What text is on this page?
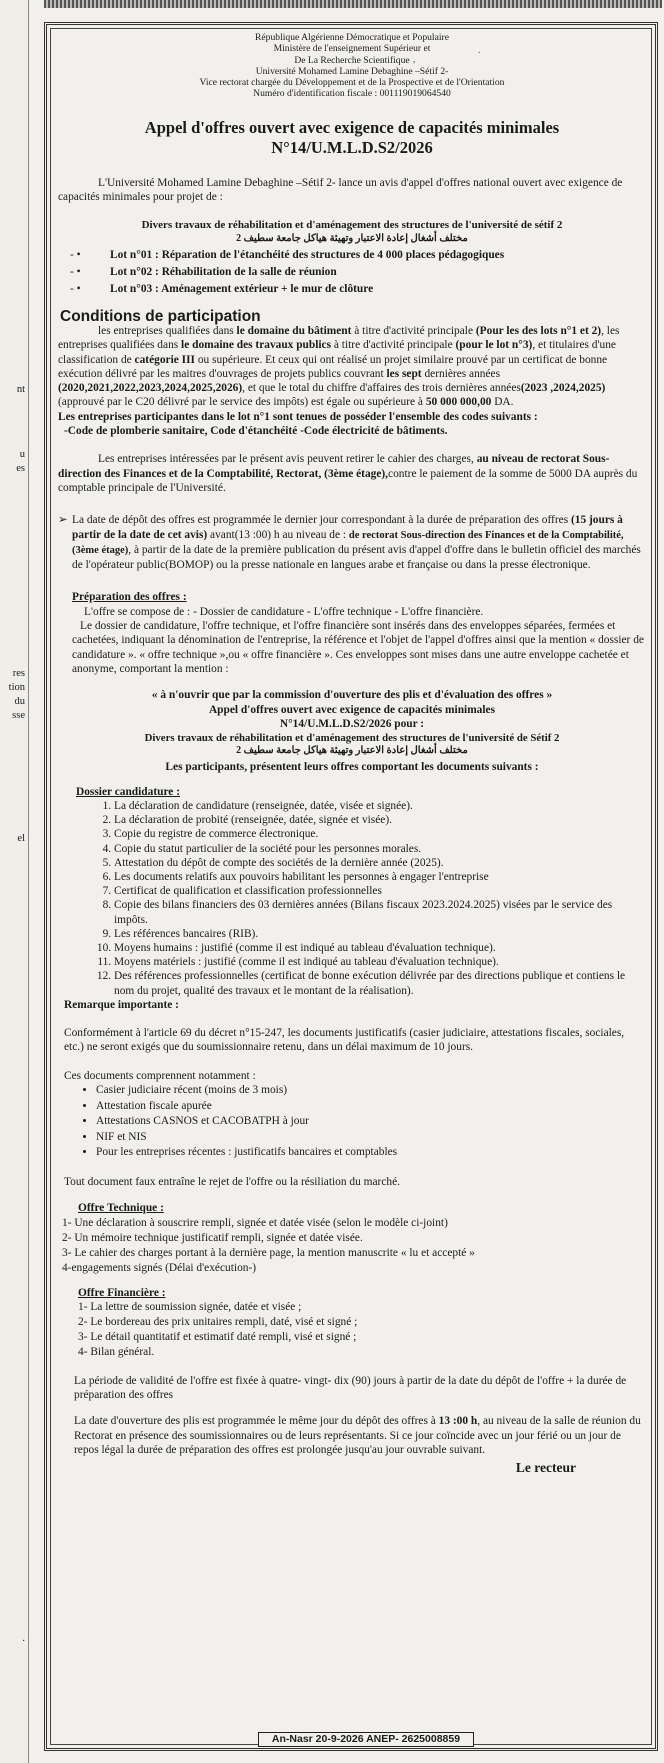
nt
u
es
res
tion
du
sse
el
.
,
.
République Algérienne Démocratique et Populaire
Ministère de l'enseignement Supérieur et
De La Recherche Scientifique
Université Mohamed Lamine Debaghine –Sétif 2-
Vice rectorat chargée du Développement et de la Prospective et de l'Orientation
Numéro d'identification fiscale : 001119019064540
Appel d'offres ouvert avec exigence de capacités minimales
N°14/U.M.L.D.S2/2026

L'Université Mohamed Lamine Debaghine –Sétif 2- lance un avis d'appel d'offres national ouvert avec exigence de capacités minimales pour projet de :

Divers travaux de réhabilitation et d'aménagement des structures de l'université de sétif 2
مختلف أشغال إعادة الاعتبار وتهيئة هياكل جامعة سطيف 2
- • Lot n°01 : Réparation de l'étanchéité des structures de 4 000 places pédagogiques
- • Lot n°02 : Réhabilitation de la salle de réunion
- • Lot n°03 : Aménagement extérieur + le mur de clôture
Conditions de participation

les entreprises qualifiées dans le domaine du bâtiment à titre d'activité principale (Pour les des lots n°1 et 2), les entreprises qualifiées dans le domaine des travaux publics à titre d'activité principale (pour le lot n°3), et titulaires d'une classification de catégorie III ou supérieure. Et ceux qui ont réalisé un projet similaire prouvé par un certificat de bonne exécution délivré par les maitres d'ouvrages de projets publics couvrant les sept dernières années (2020,2021,2022,2023,2024,2025,2026), et que le total du chiffre d'affaires des trois dernières années(2023 ,2024,2025) (approuvé par le C20 délivré par le service des impôts) est égale ou supérieure à 50 000 000,00 DA.

Les entreprises participantes dans le lot n°1 sont tenues de posséder l'ensemble des codes suivants :

-Code de plomberie sanitaire, Code d'étanchéité -Code électricité de bâtiments.

Les entreprises intéressées par le présent avis peuvent retirer le cahier des charges, au niveau de rectorat Sous-direction des Finances et de la Comptabilité, Rectorat, (3ème étage),contre le paiement de la somme de 5000 DA auprès du comptable principale de l'Université.

➢ La date de dépôt des offres est programmée le dernier jour correspondant à la durée de préparation des offres (15 jours à partir de la date de cet avis) avant(13 :00) h au niveau de : de rectorat Sous-direction des Finances et de la Comptabilité, (3ème étage), à partir de la date de la première publication du présent avis d'appel d'offre dans le bulletin officiel des marchés de l'opérateur public(BOMOP) ou la presse nationale en langues arabe et française ou dans la presse électronique.

Préparation des offres :

L'offre se compose de : - Dossier de candidature - L'offre technique - L'offre financière.

Le dossier de candidature, l'offre technique, et l'offre financière sont insérés dans des enveloppes séparées, fermées et cachetées, indiquant la dénomination de l'entreprise, la référence et l'objet de l'appel d'offres ainsi que la mention « dossier de candidature ». « offre technique »,ou « offre financière ». Ces enveloppes sont mises dans une autre enveloppe cachetée et anonyme, comportant la mention :

« à n'ouvrir que par la commission d'ouverture des plis et d'évaluation des offres »
Appel d'offres ouvert avec exigence de capacités minimales
N°14/U.M.L.D.S2/2026 pour :
Divers travaux de réhabilitation et d'aménagement des structures de l'université de Sétif 2
مختلف أشغال إعادة الاعتبار وتهيئة هياكل جامعة سطيف 2
Les participants, présentent leurs offres comportant les documents suivants :
Dossier candidature :
1. La déclaration de candidature (renseignée, datée, visée et signée).
2. La déclaration de probité (renseignée, datée, signée et visée).
3. Copie du registre de commerce électronique.
4. Copie du statut particulier de la société pour les personnes morales.
5. Attestation du dépôt de compte des sociétés de la dernière année (2025).
6. Les documents relatifs aux pouvoirs habilitant les personnes à engager l'entreprise
7. Certificat de qualification et classification professionnelles
8. Copie des bilans financiers des 03 dernières années (Bilans fiscaux 2023.2024.2025) visées par le service des impôts.
9. Les références bancaires (RIB).
10. Moyens humains : justifié (comme il est indiqué au tableau d'évaluation technique).
11. Moyens matériels : justifié (comme il est indiqué au tableau d'évaluation technique).
12. Des références professionnelles (certificat de bonne exécution délivrée par des directions publique et contiens le nom du projet, qualité des travaux et le montant de la réalisation).
Remarque importante :

Conformément à l'article 69 du décret n°15-247, les documents justificatifs (casier judiciaire, attestations fiscales, sociales, etc.) ne seront exigés que du soumissionnaire retenu, dans un délai maximum de 10 jours.

Ces documents comprennent notamment :

• Casier judiciaire récent (moins de 3 mois)
• Attestation fiscale apurée
• Attestations CASNOS et CACOBATPH à jour
• NIF et NIS
• Pour les entreprises récentes : justificatifs bancaires et comptables

Tout document faux entraîne le rejet de l'offre ou la résiliation du marché.

Offre Technique :

1- Une déclaration à souscrire rempli, signée et datée visée (selon le modèle ci-joint)

2- Un mémoire technique justificatif rempli, signée et datée visée.

3- Le cahier des charges portant à la dernière page, la mention manuscrite « lu et accepté »

4-engagements signés (Délai d'exécution-)

Offre Financière :

1- La lettre de soumission signée, datée et visée ;

2- Le bordereau des prix unitaires rempli, daté, visé et signé ;

3- Le détail quantitatif et estimatif daté rempli, visé et signé ;

4- Bilan général.

La période de validité de l'offre est fixée à quatre- vingt- dix (90) jours à partir de la date du dépôt de l'offre + la durée de préparation des offres

La date d'ouverture des plis est programmée le même jour du dépôt des offres à 13 :00 h, au niveau de la salle de réunion du Rectorat en présence des soumissionnaires ou de leurs représentants. Si ce jour coïncide avec un jour férié ou un jour de repos légal la durée de préparation des offres est prolongée jusqu'au jour ouvrable suivant.

Le recteur
An-Nasr 20-9-2026 ANEP- 2625008859
